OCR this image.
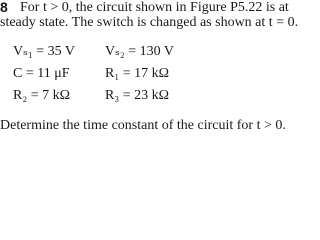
8 For t > 0, the circuit shown in Figure P5.22 is at
steady state. The switch is changed as shown at t = 0.
Vₛ₁ = 35 V	Vₛ₂ = 130 V
C = 11 μF	R₁ = 17 kΩ
R₂ = 7 kΩ	R₃ = 23 kΩ
Determine the time constant of the circuit for t > 0.
